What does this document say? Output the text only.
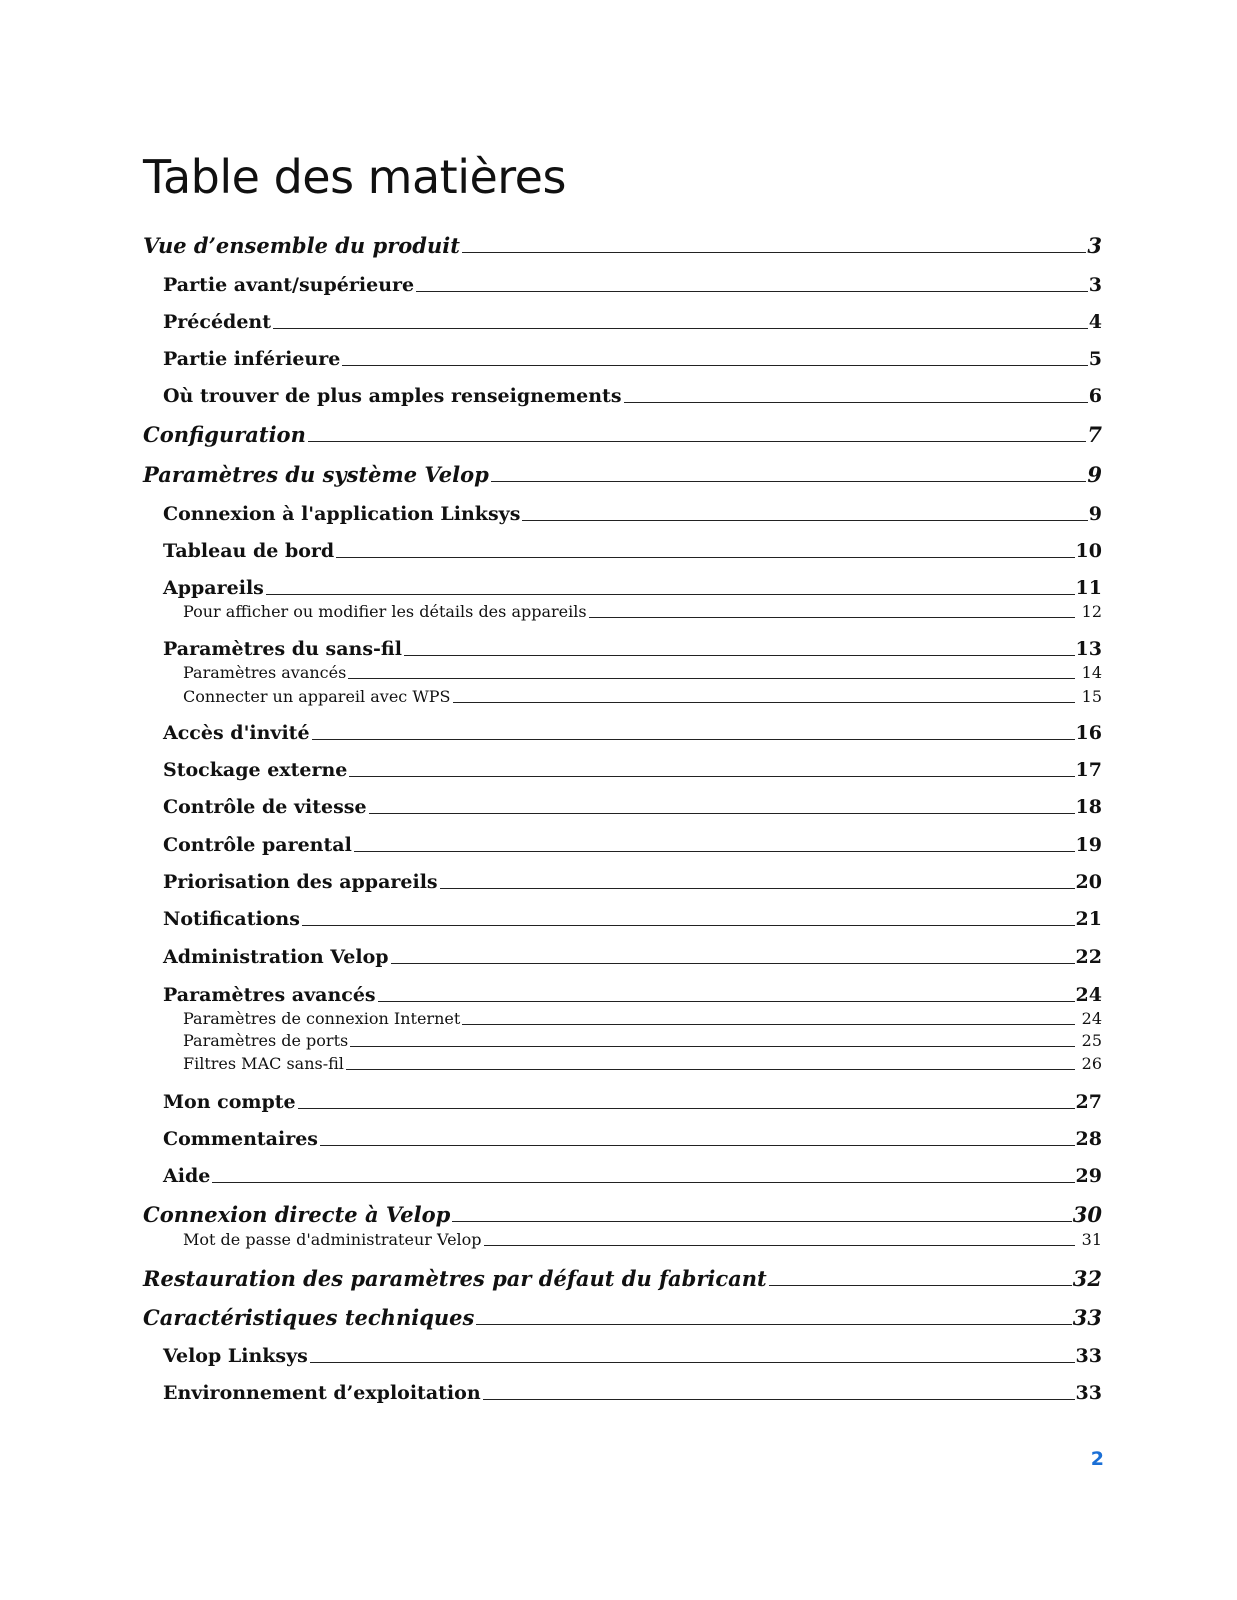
Table des matières
Vue d’ensemble du produit	3
Partie avant/supérieure	3
Précédent	4
Partie inférieure	5
Où trouver de plus amples renseignements	6
Configuration	7
Paramètres du système Velop	9
Connexion à l'application Linksys	9
Tableau de bord	10
Appareils	11
Pour afficher ou modifier les détails des appareils	12
Paramètres du sans-fil	13
Paramètres avancés	14
Connecter un appareil avec WPS	15
Accès d'invité	16
Stockage externe	17
Contrôle de vitesse	18
Contrôle parental	19
Priorisation des appareils	20
Notifications	21
Administration Velop	22
Paramètres avancés	24
Paramètres de connexion Internet	24
Paramètres de ports	25
Filtres MAC sans-fil	26
Mon compte	27
Commentaires	28
Aide	29
Connexion directe à Velop	30
Mot de passe d'administrateur Velop	31
Restauration des paramètres par défaut du fabricant	32
Caractéristiques techniques	33
Velop Linksys	33
Environnement d’exploitation	33
2
